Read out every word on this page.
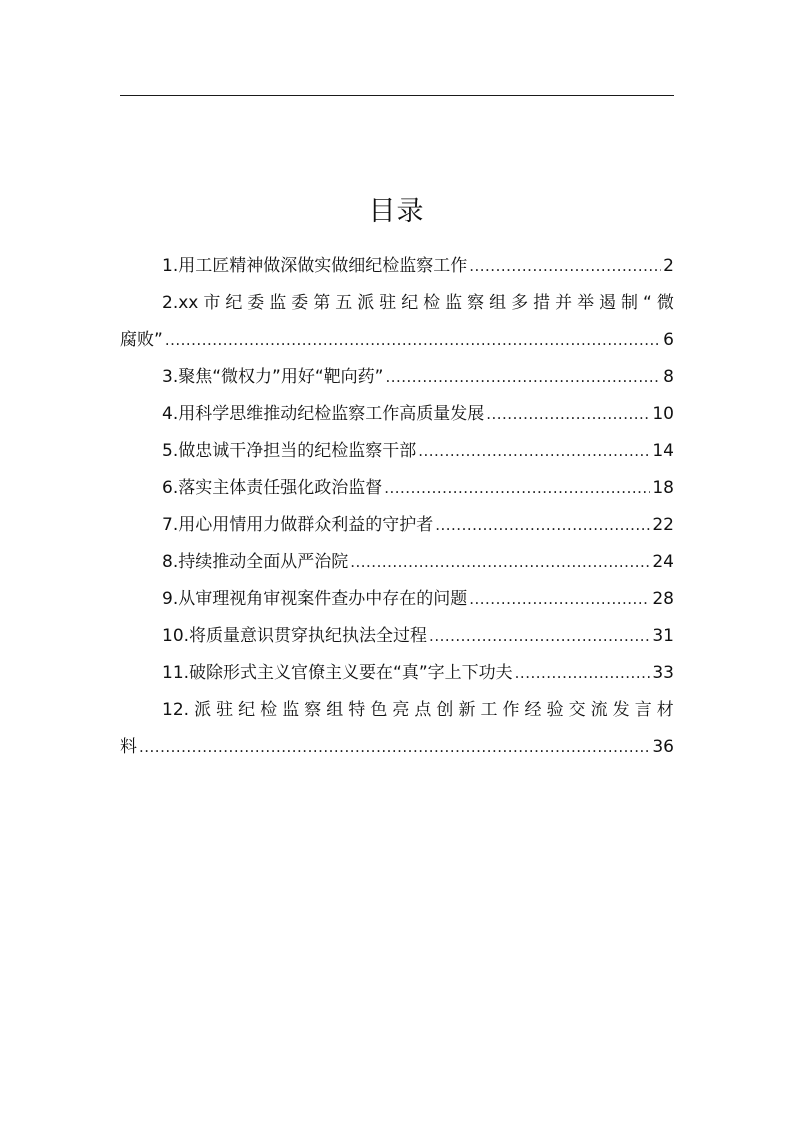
目录
1.用工匠精神做深做实做细纪检监察工作 .....	2
2.xx 市 纪 委 监 委 第 五 派 驻 纪 检 监 察 组 多 措 并 举 遏 制 “ 微
腐败” .....	6
3.聚焦“微权力”用好“靶向药” .....	8
4.用科学思维推动纪检监察工作高质量发展 .....	10
5.做忠诚干净担当的纪检监察干部 .....	14
6.落实主体责任强化政治监督 .....	18
7.用心用情用力做群众利益的守护者 .....	22
8.持续推动全面从严治院 .....	24
9.从审理视角审视案件查办中存在的问题 .....	28
10.将质量意识贯穿执纪执法全过程 .....	31
11.破除形式主义官僚主义要在“真”字上下功夫 .....	33
12. 派 驻 纪 检 监 察 组 特 色 亮 点 创 新 工 作 经 验 交 流 发 言 材
料 .....	36
